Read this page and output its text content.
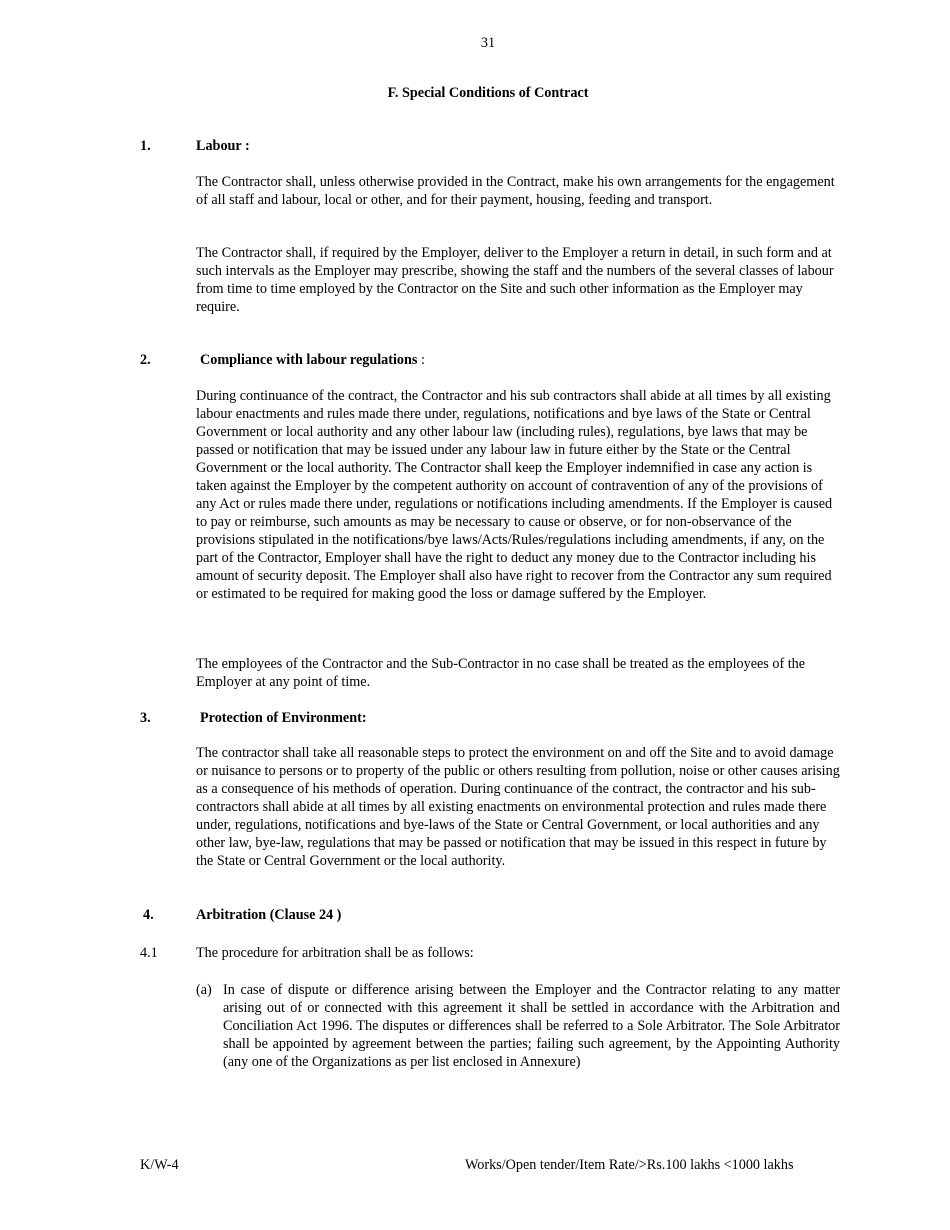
31
F. Special Conditions of Contract
1.	Labour :

The Contractor shall, unless otherwise provided in the Contract, make his own arrangements for the engagement of all staff and labour, local or other, and for their payment, housing, feeding and transport.

The Contractor shall, if required by the Employer, deliver to the Employer a return in detail, in such form and at such intervals as the Employer may prescribe, showing the staff and the numbers of the several classes of labour from time to time employed by the Contractor on the Site and such other information as the Employer may require.

2.	Compliance with labour regulations :

During continuance of the contract, the Contractor and his sub contractors shall abide at all times by all existing labour enactments and rules made there under, regulations, notifications and bye laws of the State or Central Government or local authority and any other labour law (including rules), regulations, bye laws that may be passed or notification that may be issued under any labour law in future either by the State or the Central Government or the local authority. The Contractor shall keep the Employer indemnified in case any action is taken against the Employer by the competent authority on account of contravention of any of the provisions of any Act or rules made there under, regulations or notifications including amendments. If the Employer is caused to pay or reimburse, such amounts as may be necessary to cause or observe, or for non-observance of the provisions stipulated in the notifications/bye laws/Acts/Rules/regulations including amendments, if any, on the part of the Contractor, Employer shall have the right to deduct any money due to the Contractor including his amount of security deposit. The Employer shall also have right to recover from the Contractor any sum required or estimated to be required for making good the loss or damage suffered by the Employer.

The employees of the Contractor and the Sub-Contractor in no case shall be treated as the employees of the Employer at any point of time.

3.	Protection of Environment:

The contractor shall take all reasonable steps to protect the environment on and off the Site and to avoid damage or nuisance to persons or to property of the public or others resulting from pollution, noise or other causes arising as a consequence of his methods of operation. During continuance of the contract, the contractor and his sub-contractors shall abide at all times by all existing enactments on environmental protection and rules made there under, regulations, notifications and bye-laws of the State or Central Government, or local authorities and any other law, bye-law, regulations that may be passed or notification that may be issued in this respect in future by the State or Central Government or the local authority.

4.	Arbitration (Clause 24 )
4.1	The procedure for arbitration shall be as follows:
(a) In case of dispute or difference arising between the Employer and the Contractor relating to any matter arising out of or connected with this agreement it shall be settled in accordance with the Arbitration and Conciliation Act 1996. The disputes or differences shall be referred to a Sole Arbitrator. The Sole Arbitrator shall be appointed by agreement between the parties; failing such agreement, by the Appointing Authority (any one of the Organizations as per list enclosed in Annexure)

K/W-4	Works/Open tender/Item Rate/>Rs.100 lakhs <1000 lakhs
